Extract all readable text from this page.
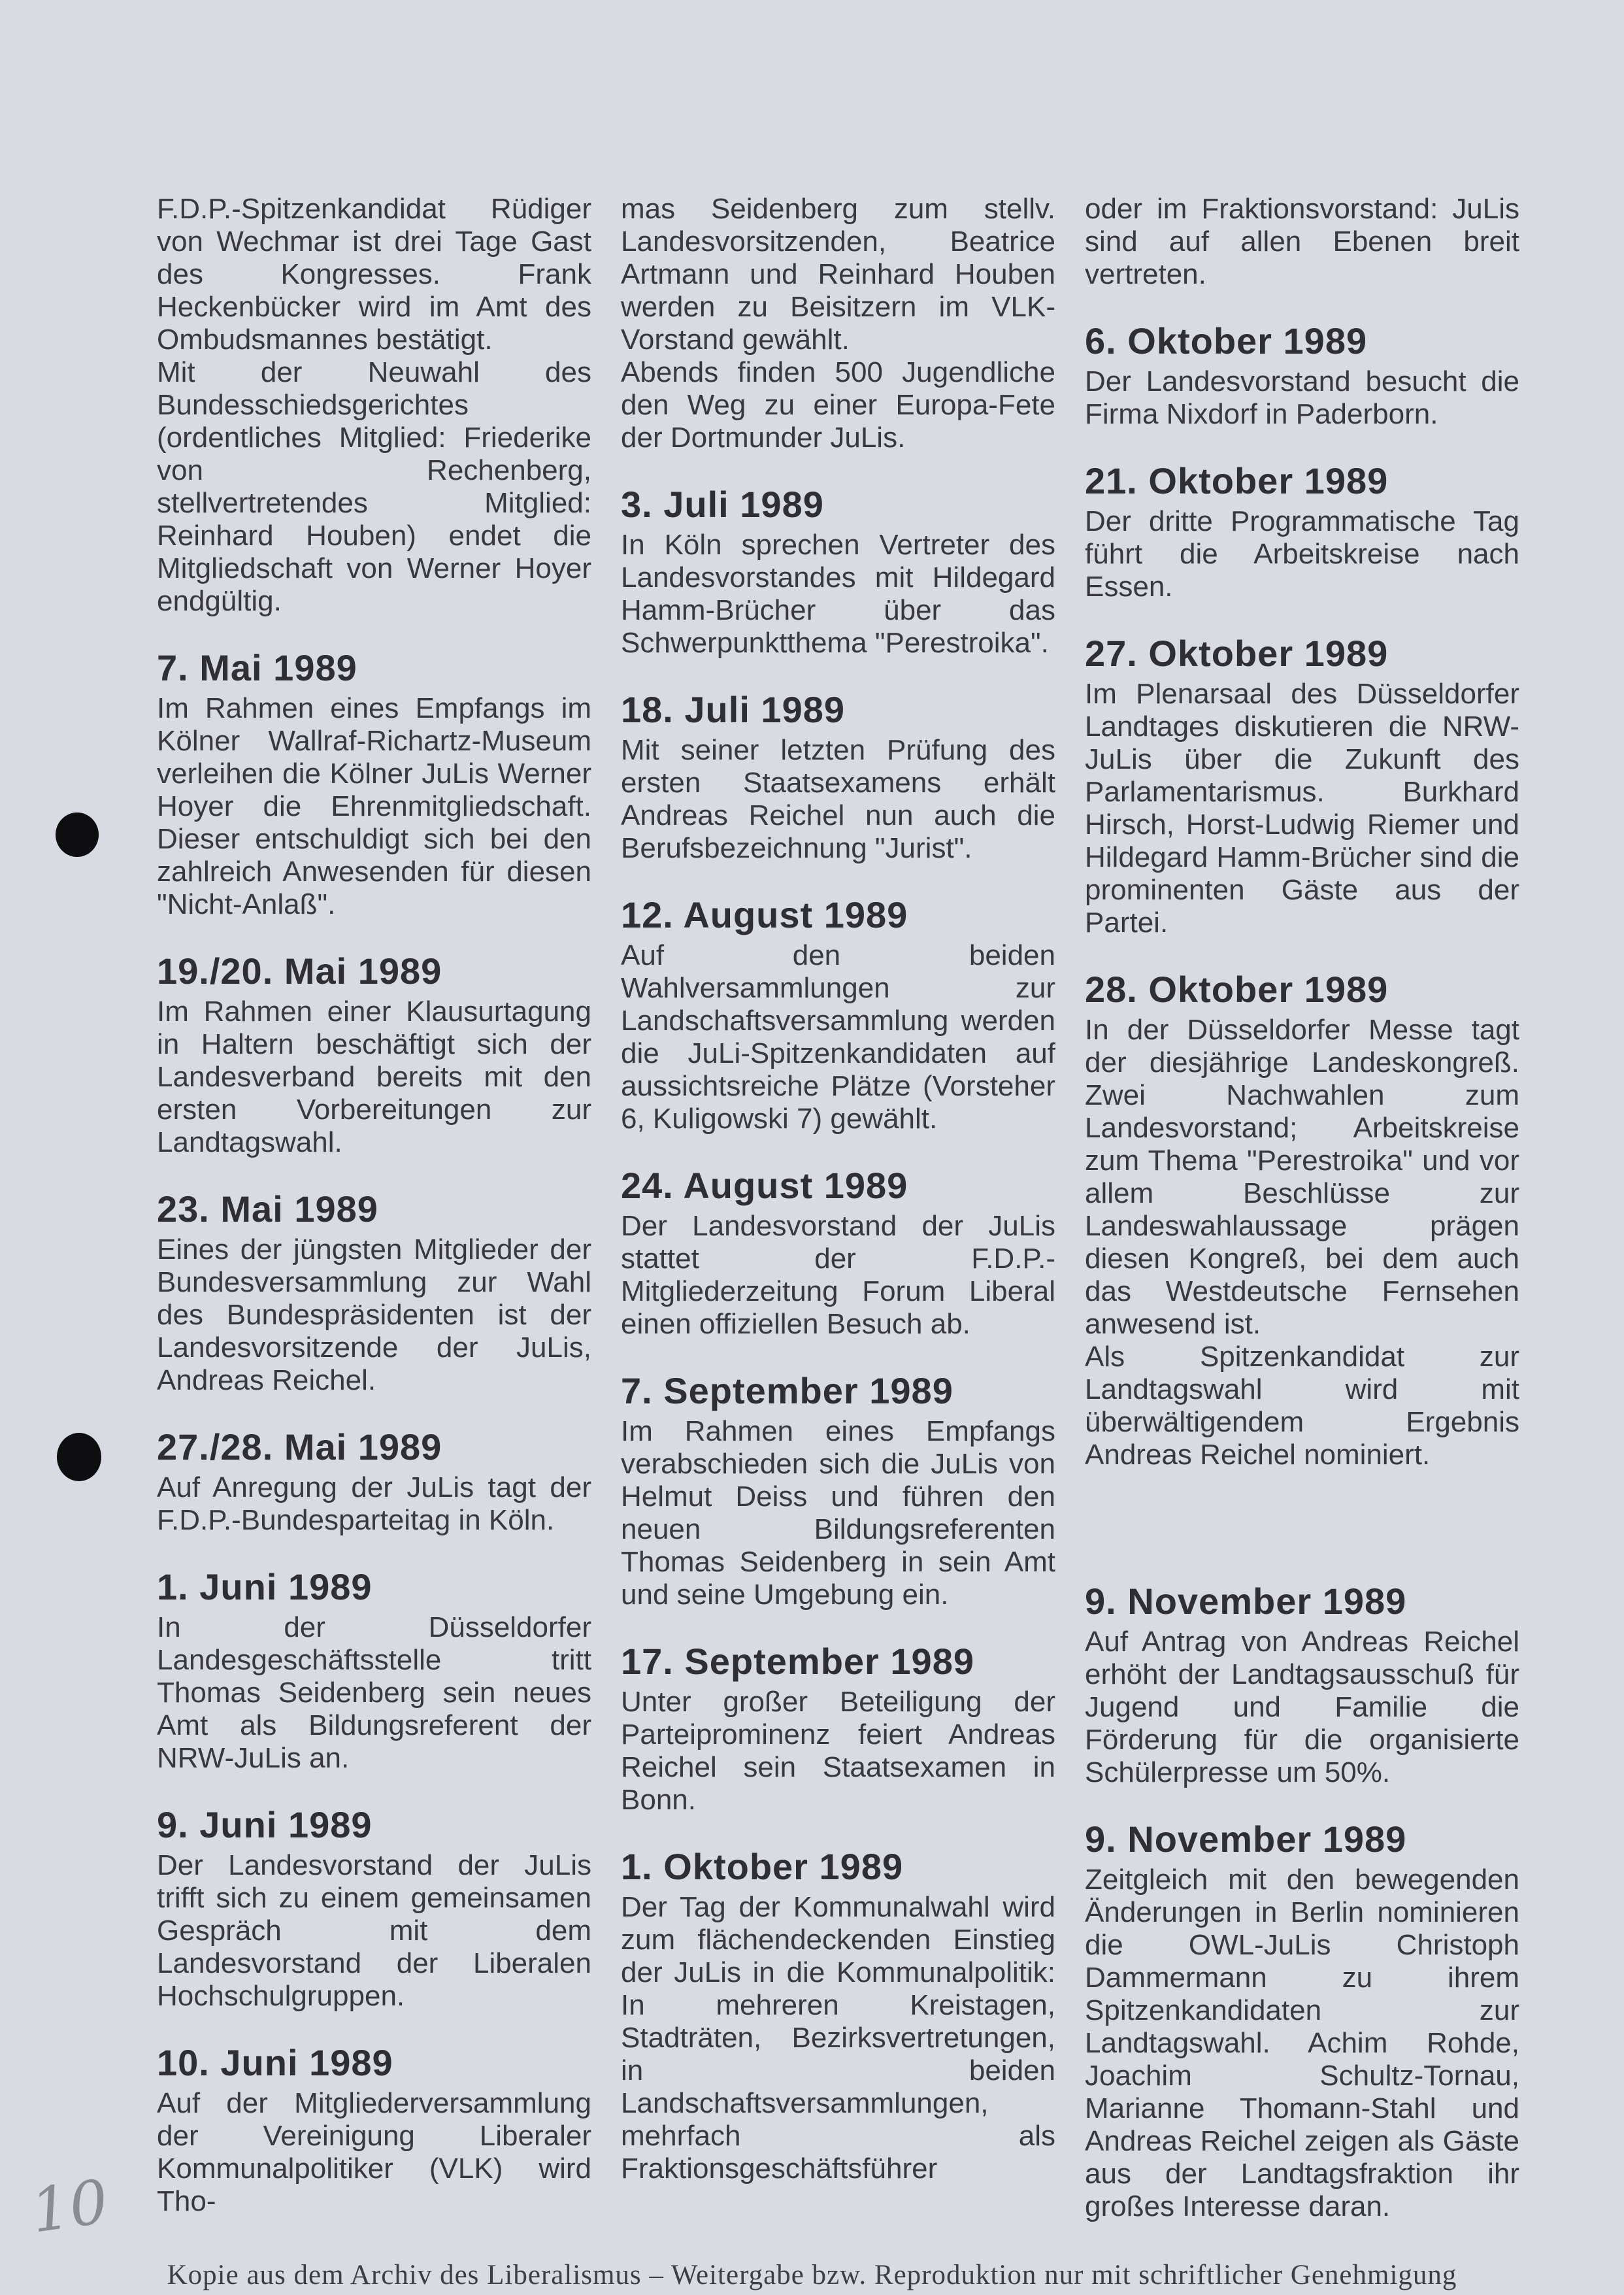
F.D.P.-Spitzenkandidat Rüdiger von Wechmar ist drei Tage Gast des Kongresses. Frank Heckenbücker wird im Amt des Ombudsmannes bestätigt.

Mit der Neuwahl des Bundesschiedsgerichtes (ordentliches Mitglied: Friederike von Rechenberg, stellvertretendes Mitglied: Reinhard Houben) endet die Mitgliedschaft von Werner Hoyer endgültig.

7. Mai 1989

Im Rahmen eines Empfangs im Kölner Wallraf-Richartz-Museum verleihen die Kölner JuLis Werner Hoyer die Ehrenmitgliedschaft. Dieser entschuldigt sich bei den zahlreich Anwesenden für diesen "Nicht-Anlaß".

19./20. Mai 1989

Im Rahmen einer Klausurtagung in Haltern beschäftigt sich der Landesverband bereits mit den ersten Vorbereitungen zur Landtagswahl.

23. Mai 1989

Eines der jüngsten Mitglieder der Bundesversammlung zur Wahl des Bundespräsidenten ist der Landesvorsitzende der JuLis, Andreas Reichel.

27./28. Mai 1989

Auf Anregung der JuLis tagt der F.D.P.-Bundesparteitag in Köln.

1. Juni 1989

In der Düsseldorfer Landesgeschäftsstelle tritt Thomas Seidenberg sein neues Amt als Bildungsreferent der NRW-JuLis an.

9. Juni 1989

Der Landesvorstand der JuLis trifft sich zu einem gemeinsamen Gespräch mit dem Landesvorstand der Liberalen Hochschulgruppen.

10. Juni 1989

Auf der Mitgliederversammlung der Vereinigung Liberaler Kommunalpolitiker (VLK) wird Tho-

mas Seidenberg zum stellv. Landesvorsitzenden, Beatrice Artmann und Reinhard Houben werden zu Beisitzern im VLK-Vorstand gewählt.

Abends finden 500 Jugendliche den Weg zu einer Europa-Fete der Dortmunder JuLis.

3. Juli 1989

In Köln sprechen Vertreter des Landesvorstandes mit Hildegard Hamm-Brücher über das Schwerpunktthema "Perestroika".

18. Juli 1989

Mit seiner letzten Prüfung des ersten Staatsexamens erhält Andreas Reichel nun auch die Berufsbezeichnung "Jurist".

12. August 1989

Auf den beiden Wahlversammlungen zur Landschaftsversammlung werden die JuLi-Spitzenkandidaten auf aussichtsreiche Plätze (Vorsteher 6, Kuligowski 7) gewählt.

24. August 1989

Der Landesvorstand der JuLis stattet der F.D.P.-Mitgliederzeitung Forum Liberal einen offiziellen Besuch ab.

7. September 1989

Im Rahmen eines Empfangs verabschieden sich die JuLis von Helmut Deiss und führen den neuen Bildungsreferenten Thomas Seidenberg in sein Amt und seine Umgebung ein.

17. September 1989

Unter großer Beteiligung der Parteiprominenz feiert Andreas Reichel sein Staatsexamen in Bonn.

1. Oktober 1989

Der Tag der Kommunalwahl wird zum flächendeckenden Einstieg der JuLis in die Kommunalpolitik: In mehreren Kreistagen, Stadträten, Bezirksvertretungen, in beiden Landschaftsversammlungen, mehrfach als Fraktionsgeschäftsführer

oder im Fraktionsvorstand: JuLis sind auf allen Ebenen breit vertreten.

6. Oktober 1989

Der Landesvorstand besucht die Firma Nixdorf in Paderborn.

21. Oktober 1989

Der dritte Programmatische Tag führt die Arbeitskreise nach Essen.

27. Oktober 1989

Im Plenarsaal des Düsseldorfer Landtages diskutieren die NRW-JuLis über die Zukunft des Parlamentarismus. Burkhard Hirsch, Horst-Ludwig Riemer und Hildegard Hamm-Brücher sind die prominenten Gäste aus der Partei.

28. Oktober 1989

In der Düsseldorfer Messe tagt der diesjährige Landeskongreß. Zwei Nachwahlen zum Landesvorstand; Arbeitskreise zum Thema "Perestroika" und vor allem Beschlüsse zur Landeswahlaussage prägen diesen Kongreß, bei dem auch das Westdeutsche Fernsehen anwesend ist.

Als Spitzenkandidat zur Landtagswahl wird mit überwältigendem Ergebnis Andreas Reichel nominiert.

9. November 1989

Auf Antrag von Andreas Reichel erhöht der Landtagsausschuß für Jugend und Familie die Förderung für die organisierte Schülerpresse um 50%.

9. November 1989

Zeitgleich mit den bewegenden Änderungen in Berlin nominieren die OWL-JuLis Christoph Dammermann zu ihrem Spitzenkandidaten zur Landtagswahl. Achim Rohde, Joachim Schultz-Tornau, Marianne Thomann-Stahl und Andreas Reichel zeigen als Gäste aus der Landtagsfraktion ihr großes Interesse daran.

10
Kopie aus dem Archiv des Liberalismus – Weitergabe bzw. Reproduktion nur mit schriftlicher Genehmigung
